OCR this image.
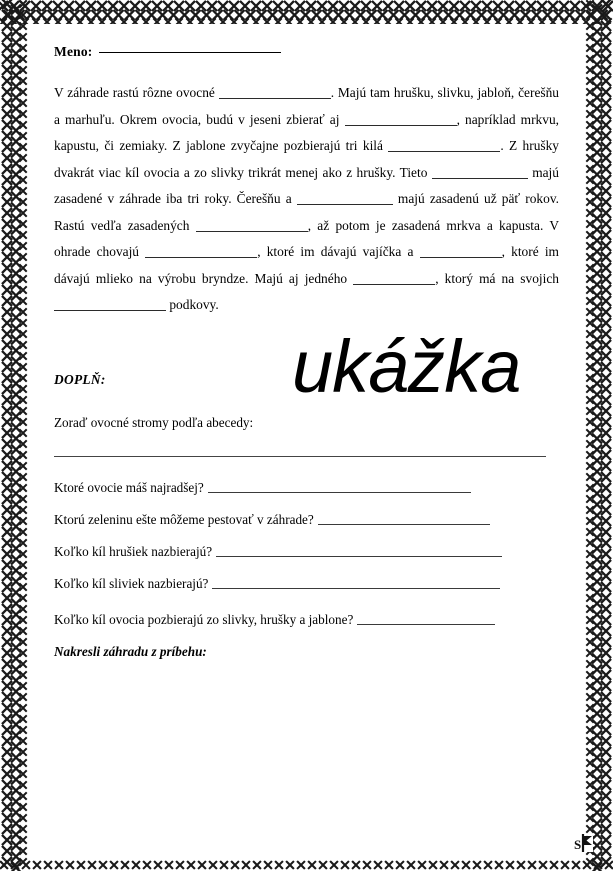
Meno:
V záhrade rastú rôzne ovocné	. Majú tam hrušku, slivku, jabloň, čerešňu a marhuľu. Okrem ovocia, budú v jeseni zbierať aj	, napríklad mrkvu, kapustu, či zemiaky. Z jablone zvyčajne pozbierajú tri kilá	. Z hrušky dvakrát viac kíl ovocia a zo slivky trikrát menej ako z hrušky. Tieto	majú zasadené v záhrade iba tri roky. Čerešňu a	majú zasadenú už päť rokov. Rastú vedľa zasadených	, až potom je zasadená mrkva a kapusta. V ohrade chovajú	, ktoré im dávajú vajíčka a	, ktoré im dávajú mlieko na výrobu bryndze. Majú aj jedného	, ktorý má na svojich  podkovy.
ukážka
DOPLŇ:
Zoraď ovocné stromy podľa abecedy:
Ktoré ovocie máš najradšej?
Ktorú zeleninu ešte môžeme pestovať v záhrade?
Koľko kíl hrušiek nazbierajú?
Koľko kíl sliviek nazbierajú?
Koľko kíl ovocia pozbierajú zo slivky, hrušky a jablone?
Nakresli záhradu z príbehu:
S
